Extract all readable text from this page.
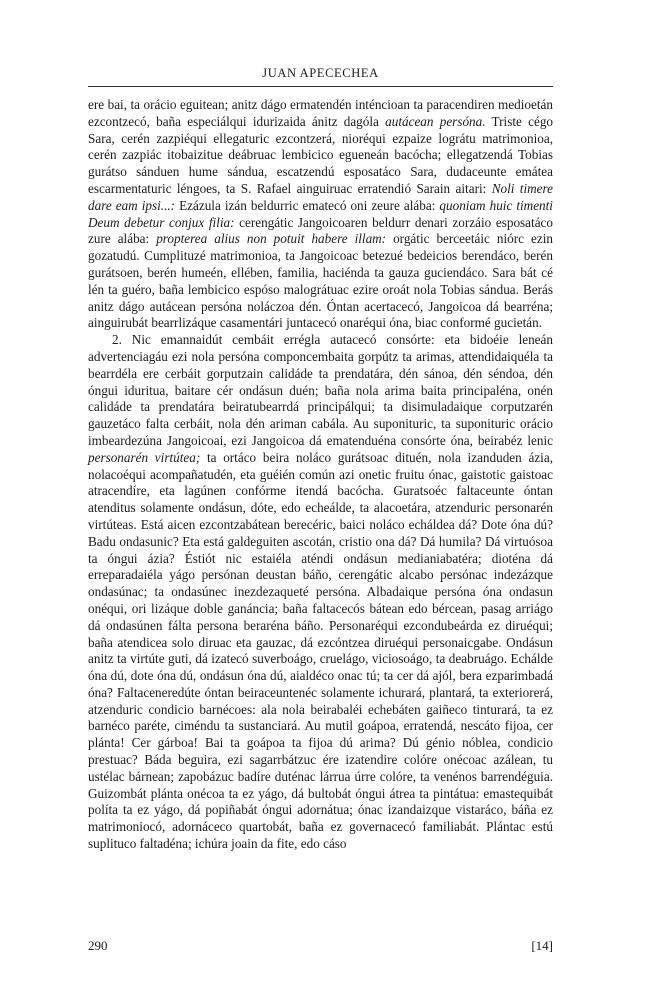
JUAN APECECHEA

ere bai, ta orácio eguitean; anitz dágo ermatendén inténcioan ta paracendiren medioetán ezcontzecó, baña especiálqui idurizaida ánitz dagóla autácean persóna. Triste cégo Sara, cerén zazpiéqui ellegaturic ezcontzerá, nioréqui ezpaize lográtu matrimonioa, cerén zazpiác itobaizitue deábruac lembicico egueneán bacócha; ellegatzendá Tobias gurátso sánduen hume sándua, escatzendú esposatáco Sara, dudaceunte emátea escarmentaturic léngoes, ta S. Rafael ainguiruac erratendió Sarain aitari: Noli timere dare eam ipsi...: Ezázula izán beldurric ematecó oni zeure alába: quoniam huic timenti Deum debetur conjux filia: cerengátic Jangoicoaren beldurr denari zorzáio esposatáco zure alába: propterea alius non potuit habere illam: orgátic berceetáic niórc ezin gozatudú. Cumplituzé matrimonioa, ta Jangoicoac betezué bedeicios berendáco, berén gurátsoen, berén humeén, ellében, familia, haciénda ta gauza guciendáco. Sara bát cé lén ta guéro, baña lembicico espóso malográtuac ezire oroát nola Tobias sándua. Berás anitz dágo autácean persóna noláczoa dén. Óntan acertacecó, Jangoicoa dá bearréna; ainguirubát bearrlizáque casamentári juntacecó onaréqui óna, biac conformé gucietán.

2. Nic emannaidút cembáit errégla autacecó consórte: eta bidoéie leneán advertenciagáu ezi nola persóna componcembaita gorpútz ta arimas, attendidaiquéla ta bearrdéla ere cerbáit gorputzain calidáde ta prendatára, dén sánoa, dén séndoa, dén óngui iduritua, baitare cér ondásun duén; baña nola arima baita principaléna, onén calidáde ta prendatára beiratubearrdá principálqui; ta disimuladaique corputzarén gauzetáco falta cerbáit, nola dén ariman cabála. Au suponituric, ta suponituric orácio imbeardezúna Jangoicoai, ezi Jangoicoa dá ematenduéna consórte óna, beirabéz lenic personarén virtútea; ta ortáco beira noláco gurátsoac dituén, nola izanduden ázia, nolacoéqui acompañatudén, eta guéién común azi onetic fruitu ónac, gaistotic gaistoac atracendíre, eta lagúnen confórme itendá bacócha. Guratsoéc faltaceunte óntan atenditus solamente ondásun, dóte, edo echeálde, ta alacoetára, atzenduric personarén virtúteas. Está aicen ezcontzabátean berecéric, baici noláco echáldea dá? Dote óna dú? Badu ondasunic? Eta está galdeguiten ascotán, cristio ona dá? Dá humila? Dá virtuósoa ta óngui ázia? Éstiót nic estaiéla aténdi ondásun medianiabatéra; dioténa dá erreparadaiéla yágo persónan deustan báño, cerengátic alcabo persónac indezázque ondasúnac; ta ondasúnec inezdezaqueté persóna. Albadaique persóna óna ondasun onéqui, ori lizáque doble ganáncia; baña faltacecós bátean edo bércean, pasag arriágo dá ondasúnen fálta persona beraréna báño. Personaréqui ezcondubeárda ez diruéqui; baña atendicea solo diruac eta gauzac, dá ezcóntzea diruéqui personaicgabe. Ondásun anitz ta virtúte guti, dá izatecó suverboágo, cruelágo, viciosoágo, ta deabruágo. Echálde óna dú, dote óna dú, ondásun óna dú, aialdéco onac tú; ta cer dá ajól, bera ezparimbadá óna? Faltaceneredúte óntan beiraceuntenéc solamente ichurará, plantará, ta exteriorerá, atzenduric condicio barnécoes: ala nola beirabaléi echebáten gaiñeco tinturará, ta ez barnéco paréte, ciméndu ta sustanciará. Au mutil goápoa, erratendá, nescáto fijoa, cer plánta! Cer gárboa! Bai ta goápoa ta fijoa dú arima? Dú génio nóblea, condicio prestuac? Báda beguira, ezi sagarrbátzuc ére izatendire colóre onécoac azálean, tu ustélac bárnean; zapobázuc badíre duténac lárrua úrre colóre, ta venénos barrendéguia. Guizombát plánta onécoa ta ez yágo, dá bultobát óngui átrea ta pintátua: emastequibát políta ta ez yágo, dá popiñabát óngui adornátua; ónac izandaizque vistaráco, báña ez matrimoniocó, adornáceco quartobát, baña ez governacecó familiabát. Plántac estú suplituco faltadéna; ichúra joain da fite, edo cáso

290	[14]
